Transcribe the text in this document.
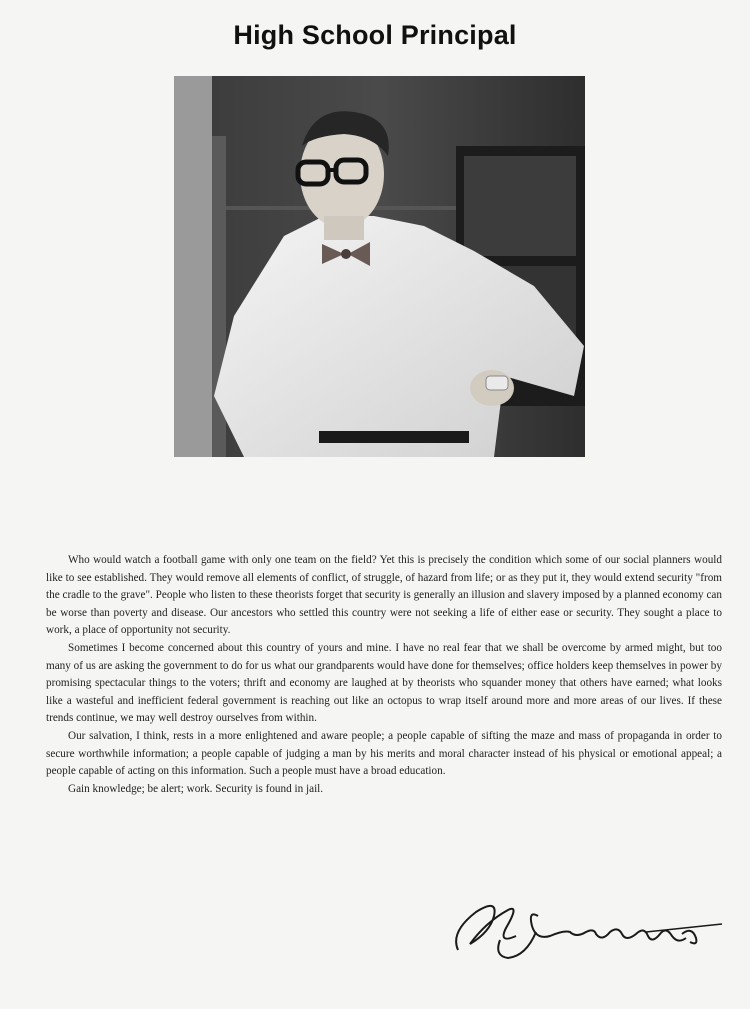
High School Principal

Who would watch a football game with only one team on the field? Yet this is precisely the condition which some of our social planners would like to see established. They would remove all elements of conflict, of struggle, of hazard from life; or as they put it, they would extend security "from the cradle to the grave". People who listen to these theorists forget that security is generally an illusion and slavery imposed by a planned economy can be worse than poverty and disease. Our ancestors who settled this country were not seeking a life of either ease or security. They sought a place to work, a place of opportunity not security.

Sometimes I become concerned about this country of yours and mine. I have no real fear that we shall be overcome by armed might, but too many of us are asking the government to do for us what our grandparents would have done for themselves; office holders keep themselves in power by promising spectacular things to the voters; thrift and economy are laughed at by theorists who squander money that others have earned; what looks like a wasteful and inefficient federal government is reaching out like an octopus to wrap itself around more and more areas of our lives. If these trends continue, we may well destroy ourselves from within.

Our salvation, I think, rests in a more enlightened and aware people; a people capable of sifting the maze and mass of propaganda in order to secure worthwhile information; a people capable of judging a man by his merits and moral character instead of his physical or emotional appeal; a people capable of acting on this information. Such a people must have a broad education.

Gain knowledge; be alert; work. Security is found in jail.
